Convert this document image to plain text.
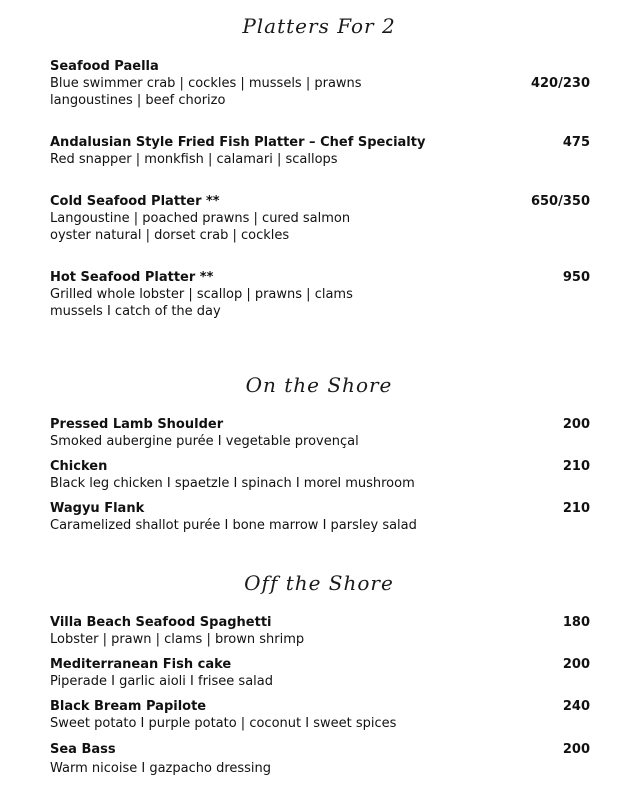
Platters For 2
Seafood Paella
Blue swimmer crab | cockles | mussels | prawns
langoustines | beef chorizo
420/230
Andalusian Style Fried Fish Platter – Chef Specialty
Red snapper | monkfish | calamari | scallops
475
Cold Seafood Platter **
Langoustine | poached prawns | cured salmon
oyster natural | dorset crab | cockles
650/350
Hot Seafood Platter **
Grilled whole lobster | scallop | prawns | clams
mussels I catch of the day
950
On the Shore
Pressed Lamb Shoulder
Smoked aubergine purée I vegetable provençal
200
Chicken
Black leg chicken I spaetzle I spinach I morel mushroom
210
Wagyu Flank
Caramelized shallot purée I bone marrow I parsley salad
210
Off the Shore
Villa Beach Seafood Spaghetti
Lobster | prawn | clams | brown shrimp
180
Mediterranean Fish cake
Piperade I garlic aioli I frisee salad
200
Black Bream Papilote
Sweet potato I purple potato | coconut I sweet spices
240
Sea Bass
Warm nicoise I gazpacho dressing
200
